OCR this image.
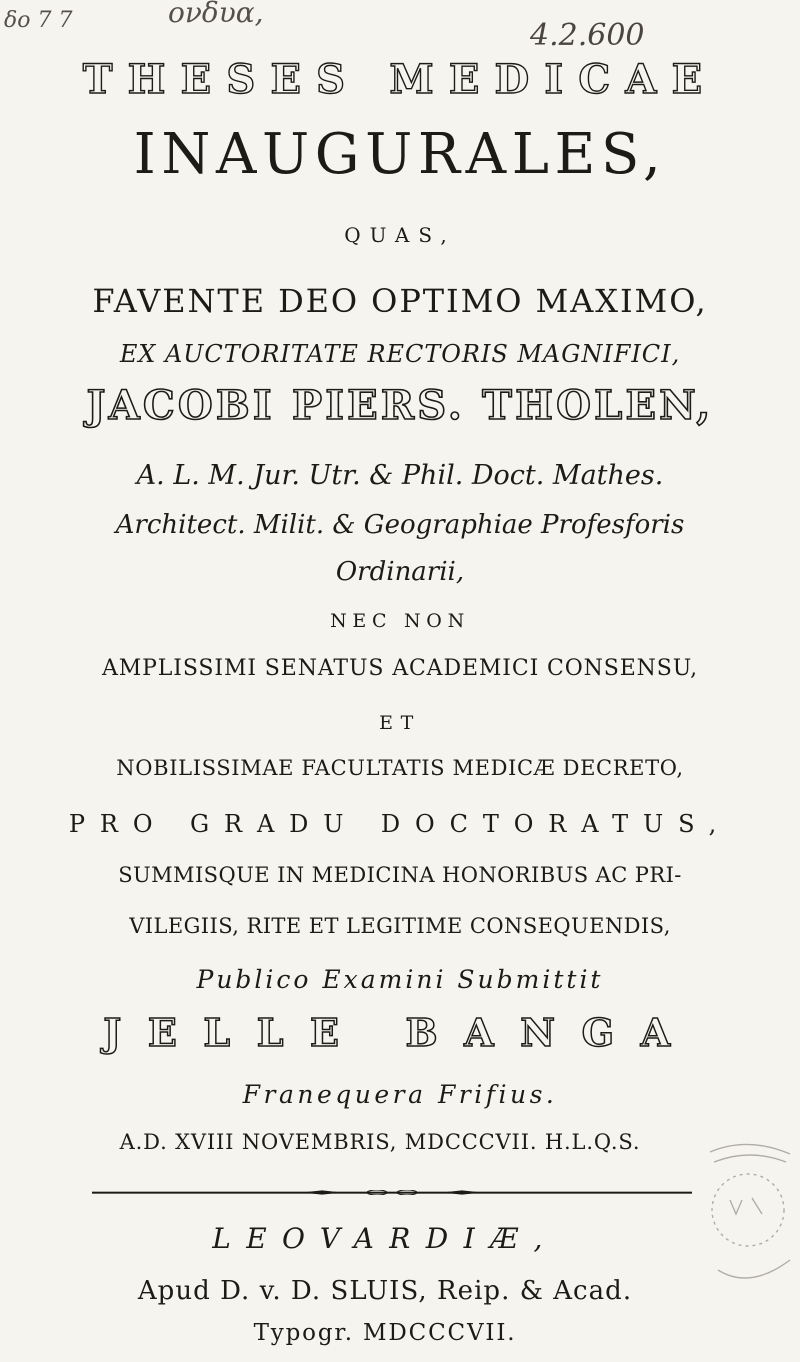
δο 7 7	ονδυα,
4.2.600
THESES MEDICAE
INAUGURALES,
QUAS,
FAVENTE DEO OPTIMO MAXIMO,
EX AUCTORITATE RECTORIS MAGNIFICI,
JACOBI PIERS. THOLEN,
A. L. M. Jur. Utr. & Phil. Doct. Mathes.
Architect. Milit. & Geographiae Profesforis
Ordinarii,
NEC NON
AMPLISSIMI SENATUS ACADEMICI CONSENSU,
ET
NOBILISSIMAE FACULTATIS MEDICÆ DECRETO,
PRO GRADU DOCTORATUS,
SUMMISQUE IN MEDICINA HONORIBUS AC PRI-
VILEGIIS, RITE ET LEGITIME CONSEQUENDIS,
Publico Examini Submittit
JELLE BANGA
Franequera Frifius.
A.D. XVIII NOVEMBRIS, MDCCCVII. H.L.Q.S.
LEOVARDIÆ,
Apud D. v. D. SLUIS, Reip. & Acad.
Typogr. MDCCCVII.
